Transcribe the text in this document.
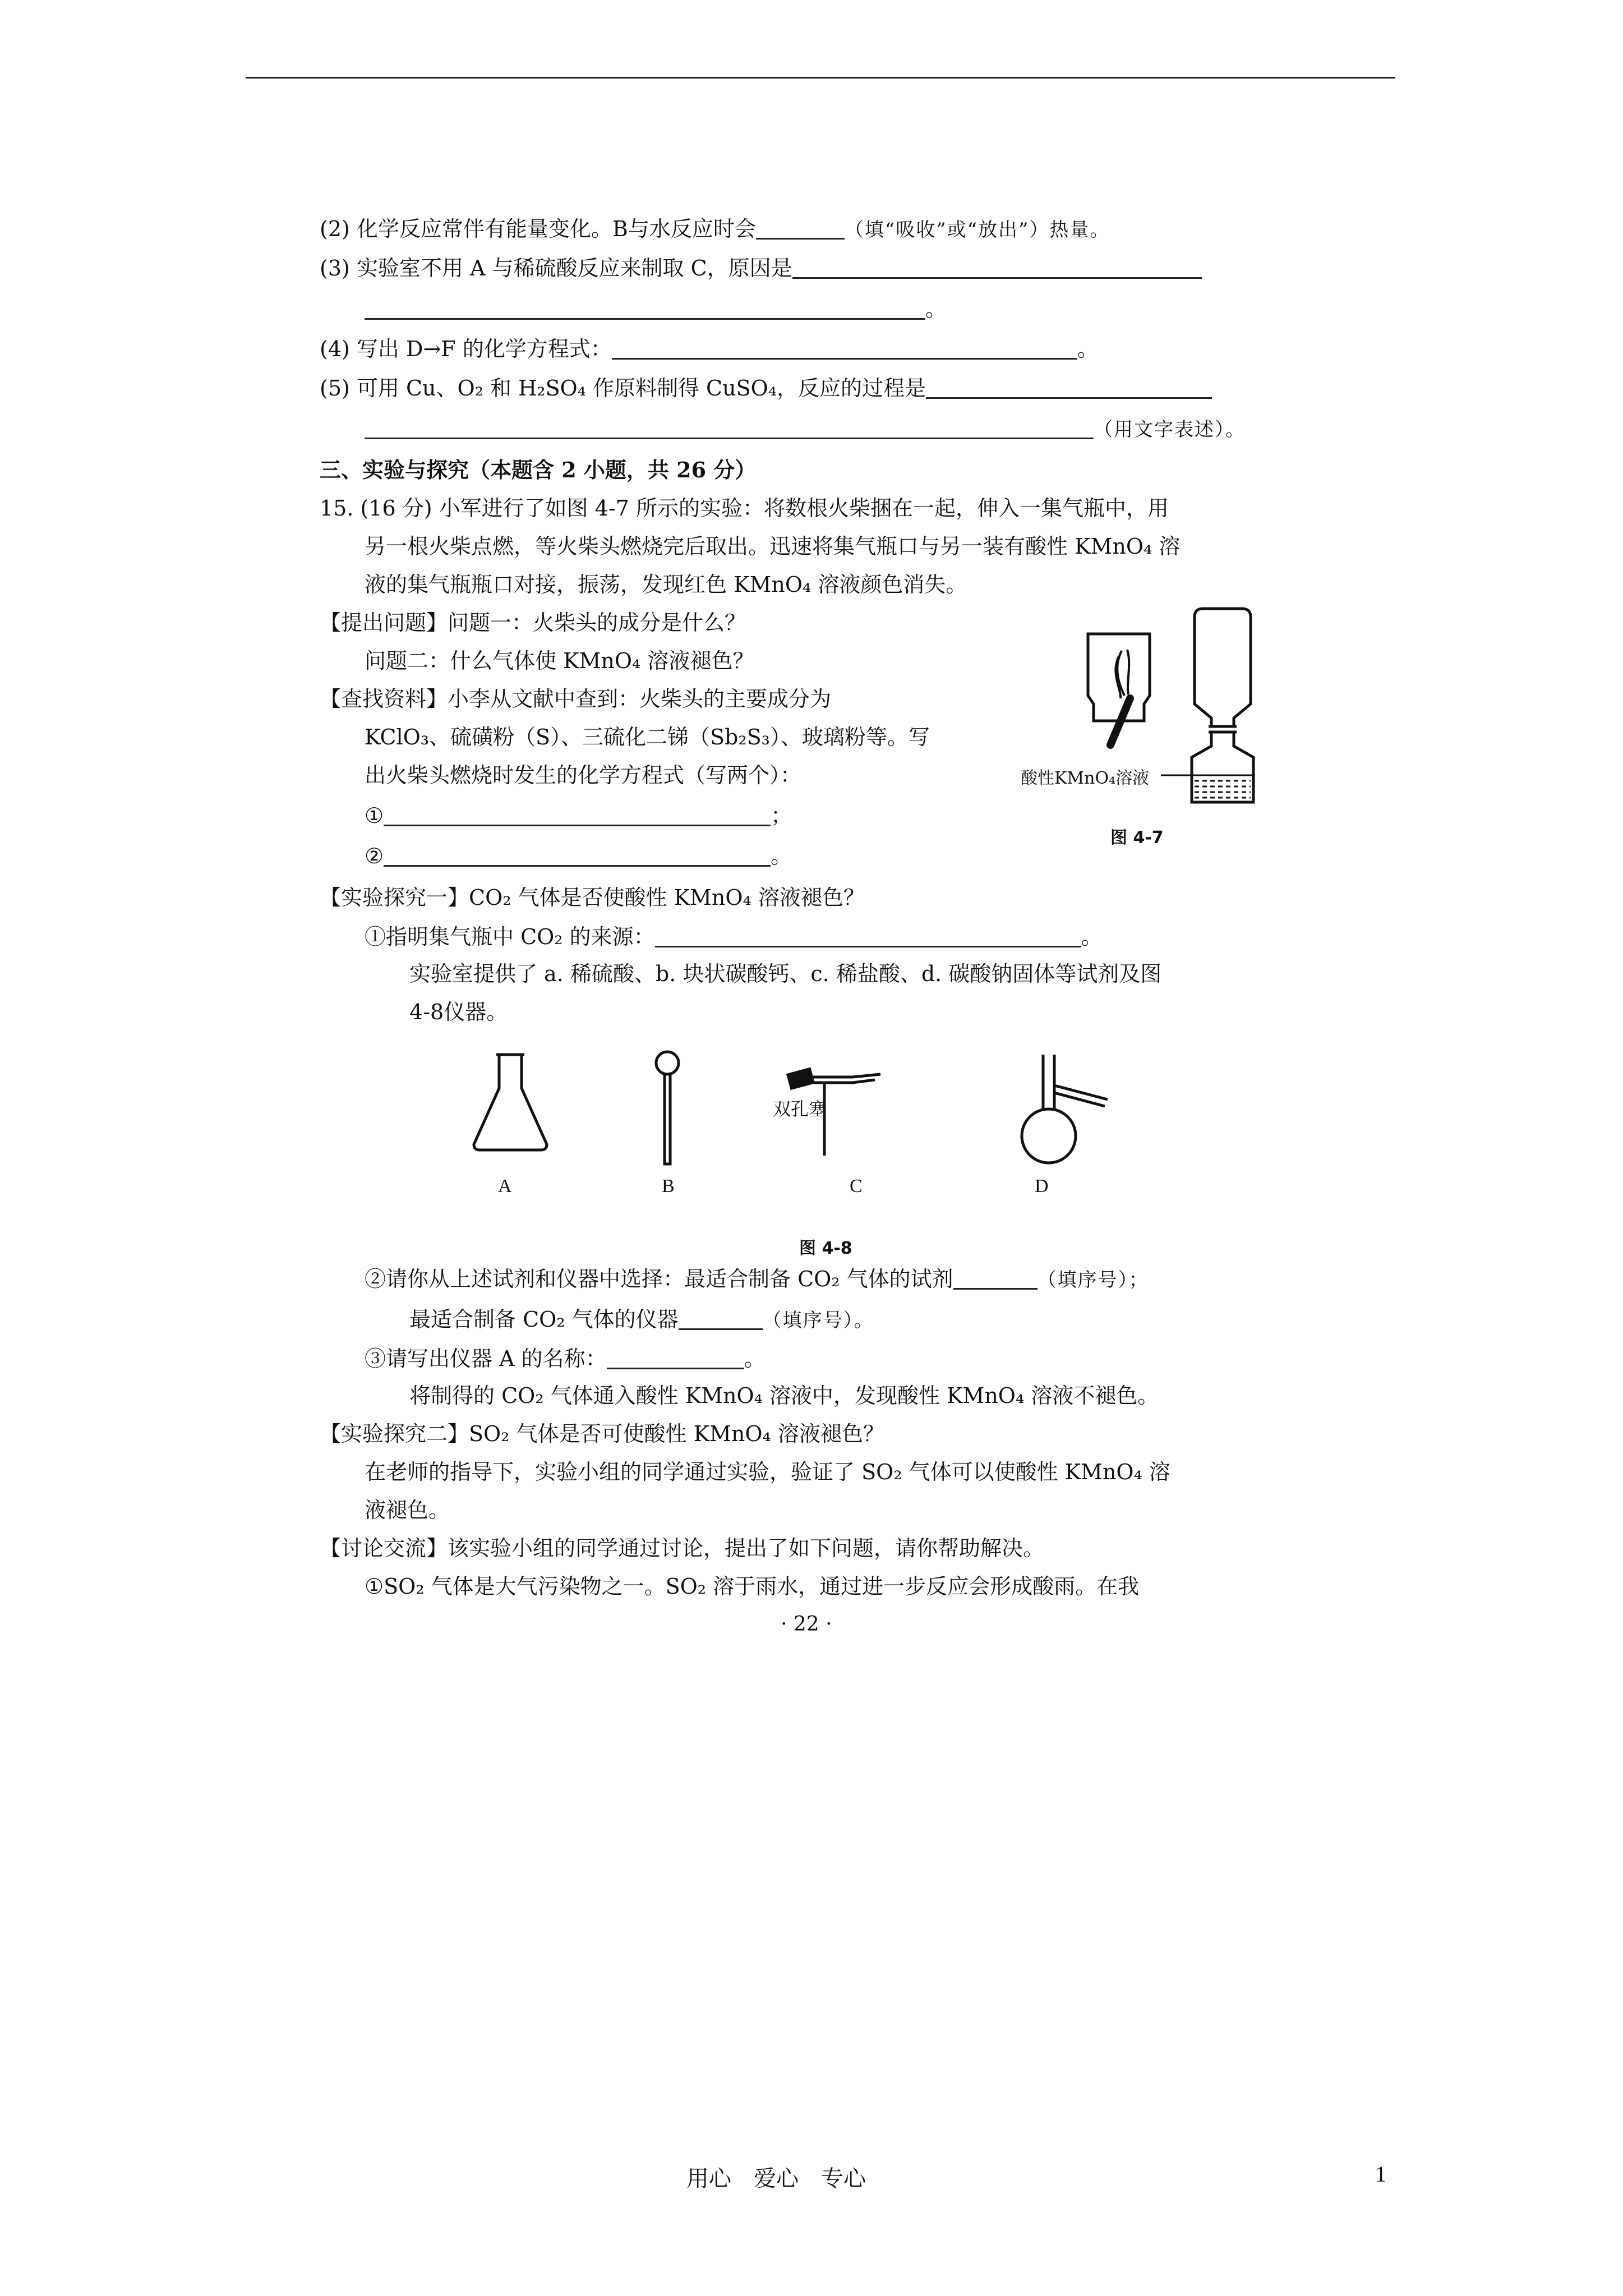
(2) 化学反应常伴有能量变化。B与水反应时会	（填“吸收”或“放出”）热量。
(3) 实验室不用 A 与稀硫酸反应来制取 C，原因是
。
(4) 写出 D→F 的化学方程式：	。
(5) 可用 Cu、O₂ 和 H₂SO₄ 作原料制得 CuSO₄，反应的过程是
（用文字表述）。
三、实验与探究（本题含 2 小题，共 26 分）
15. (16 分) 小军进行了如图 4-7 所示的实验：将数根火柴捆在一起，伸入一集气瓶中，用
另一根火柴点燃，等火柴头燃烧完后取出。迅速将集气瓶口与另一装有酸性 KMnO₄ 溶
液的集气瓶瓶口对接，振荡，发现红色 KMnO₄ 溶液颜色消失。
【提出问题】问题一：火柴头的成分是什么？
问题二：什么气体使 KMnO₄ 溶液褪色？
【查找资料】小李从文献中查到：火柴头的主要成分为
KClO₃、硫磺粉（S）、三硫化二锑（Sb₂S₃）、玻璃粉等。写
出火柴头燃烧时发生的化学方程式（写两个）：
①	；
②	。
酸性KMnO₄溶液
图 4-7
【实验探究一】CO₂ 气体是否使酸性 KMnO₄ 溶液褪色？
①指明集气瓶中 CO₂ 的来源：	。
实验室提供了 a. 稀硫酸、b. 块状碳酸钙、c. 稀盐酸、d. 碳酸钠固体等试剂及图
4-8仪器。
双孔塞
A	B	C	D
图 4-8
②请你从上述试剂和仪器中选择：最适合制备 CO₂ 气体的试剂	（填序号）；
最适合制备 CO₂ 气体的仪器	（填序号）。
③请写出仪器 A 的名称：	。
将制得的 CO₂ 气体通入酸性 KMnO₄ 溶液中，发现酸性 KMnO₄ 溶液不褪色。
【实验探究二】SO₂ 气体是否可使酸性 KMnO₄ 溶液褪色？
在老师的指导下，实验小组的同学通过实验，验证了 SO₂ 气体可以使酸性 KMnO₄ 溶
液褪色。
【讨论交流】该实验小组的同学通过讨论，提出了如下问题，请你帮助解决。
①SO₂ 气体是大气污染物之一。SO₂ 溶于雨水，通过进一步反应会形成酸雨。在我
· 22 ·
用心　爱心　专心	1
